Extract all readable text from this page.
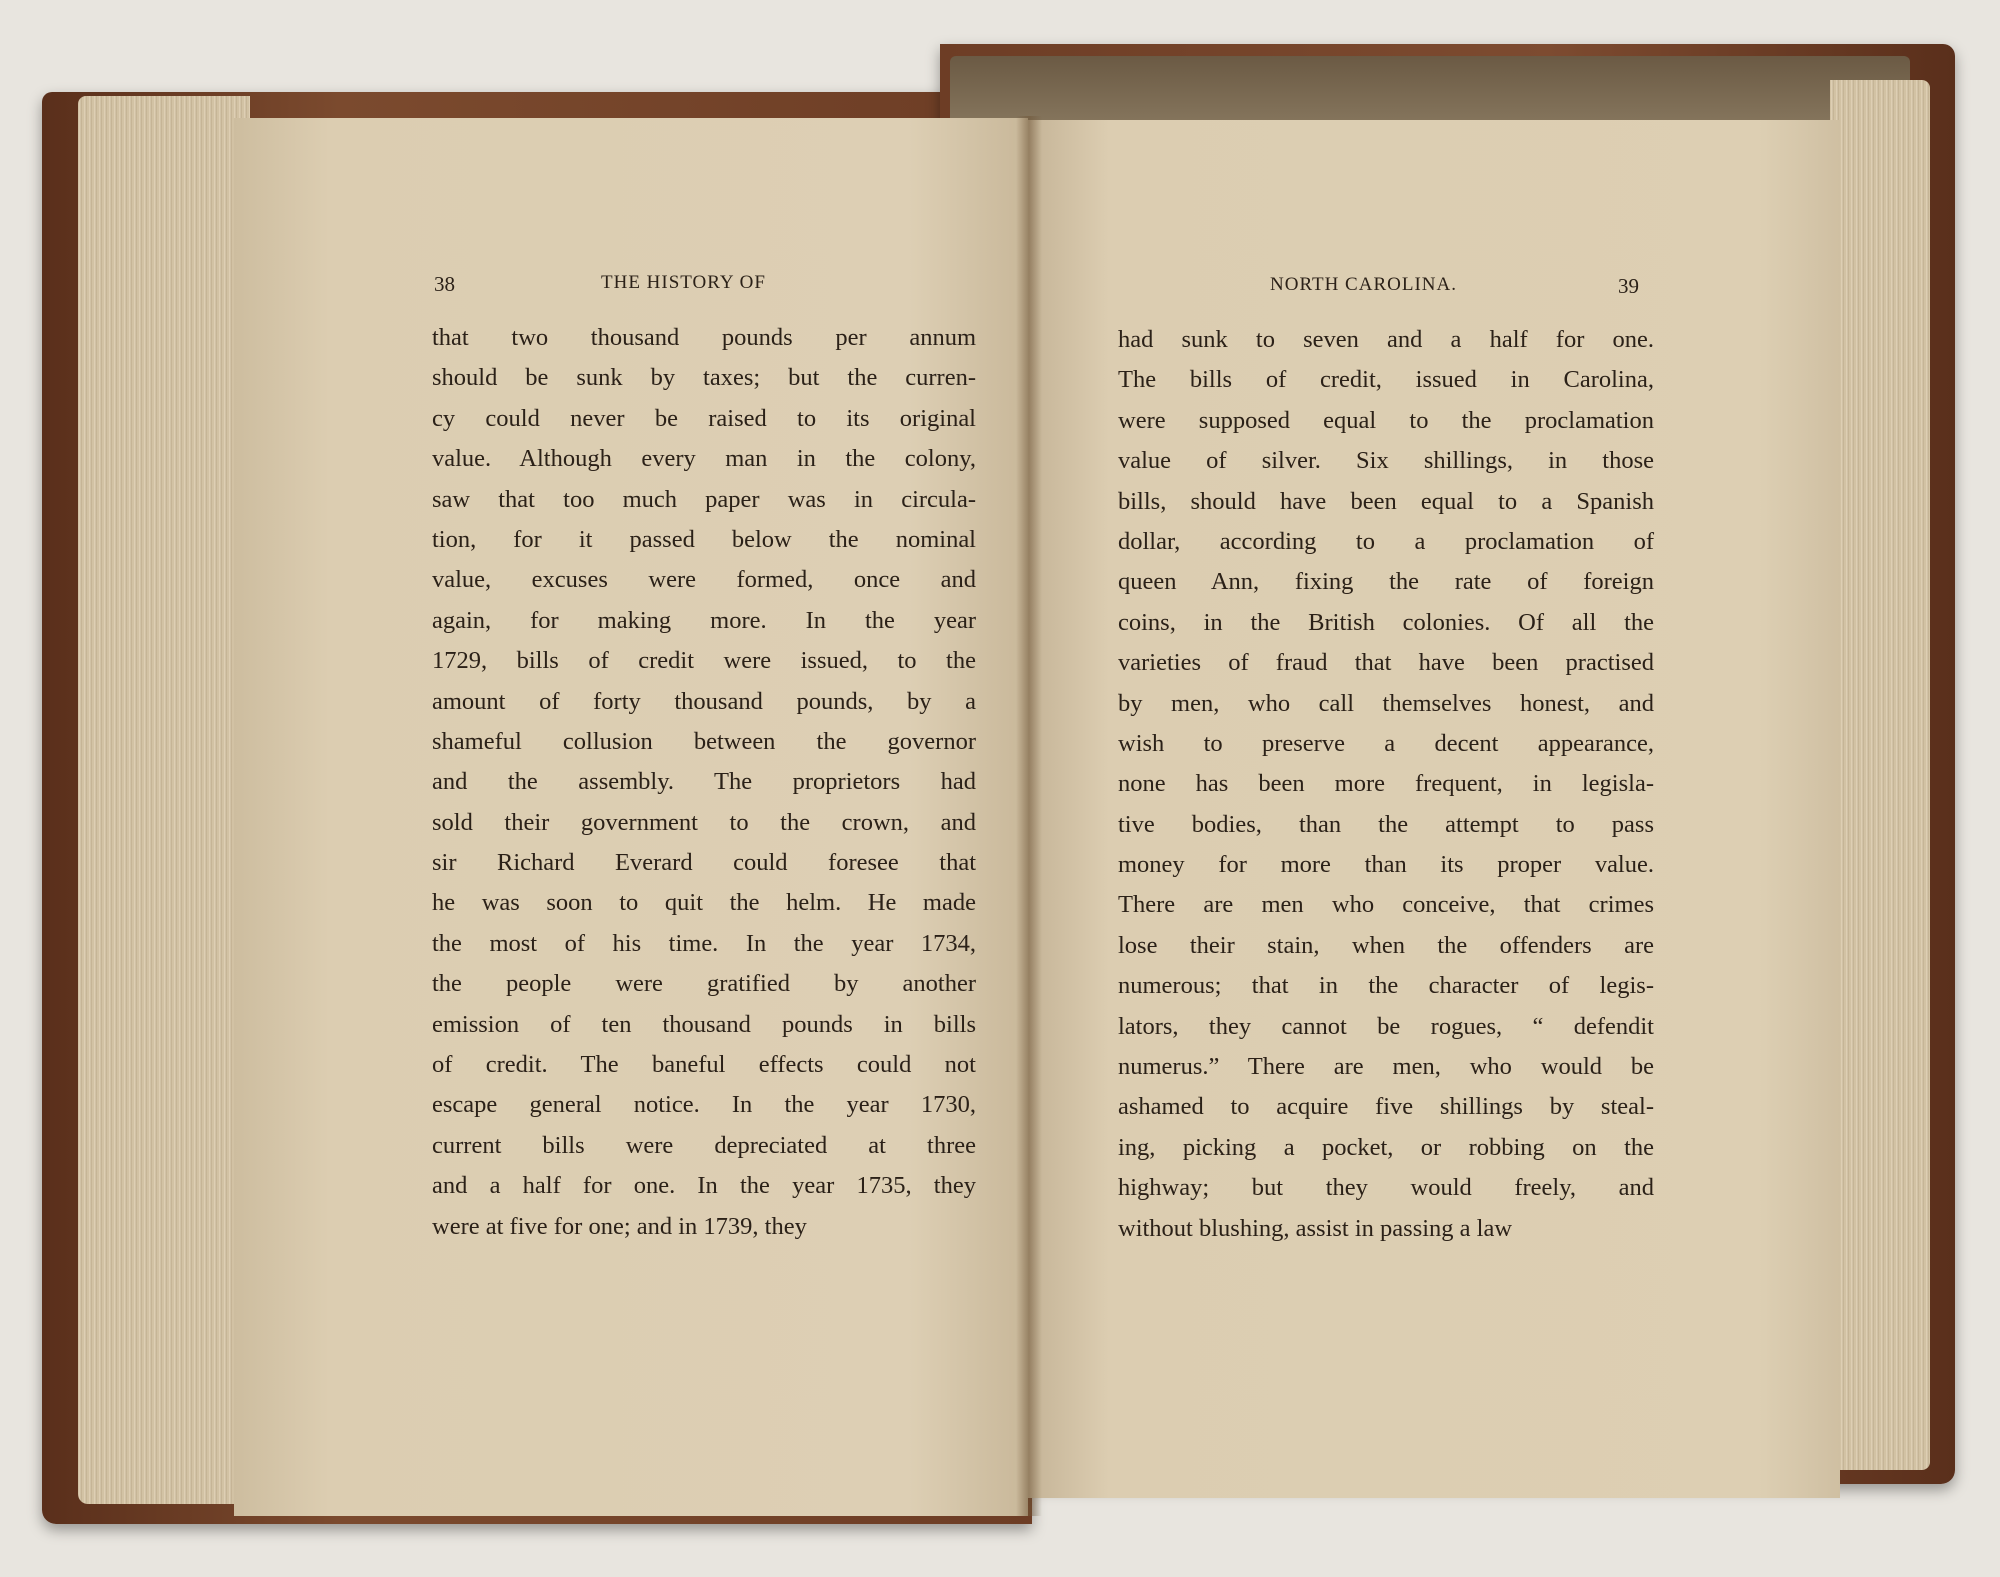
38	THE HISTORY OF
that two thousand pounds per annum
should be sunk by taxes; but the curren-
cy could never be raised to its original
value. Although every man in the colony,
saw that too much paper was in circula-
tion, for it passed below the nominal
value, excuses were formed, once and
again, for making more. In the year
1729, bills of credit were issued, to the
amount of forty thousand pounds, by a
shameful collusion between the governor
and the assembly. The proprietors had
sold their government to the crown, and
sir Richard Everard could foresee that
he was soon to quit the helm. He made
the most of his time. In the year 1734,
the people were gratified by another
emission of ten thousand pounds in bills
of credit. The baneful effects could not
escape general notice. In the year 1730,
current bills were depreciated at three
and a half for one. In the year 1735, they
were at five for one; and in 1739, they
NORTH CAROLINA.	39
had sunk to seven and a half for one.
The bills of credit, issued in Carolina,
were supposed equal to the proclamation
value of silver. Six shillings, in those
bills, should have been equal to a Spanish
dollar, according to a proclamation of
queen Ann, fixing the rate of foreign
coins, in the British colonies. Of all the
varieties of fraud that have been practised
by men, who call themselves honest, and
wish to preserve a decent appearance,
none has been more frequent, in legisla-
tive bodies, than the attempt to pass
money for more than its proper value.
There are men who conceive, that crimes
lose their stain, when the offenders are
numerous; that in the character of legis-
lators, they cannot be rogues, “ defendit
numerus.” There are men, who would be
ashamed to acquire five shillings by steal-
ing, picking a pocket, or robbing on the
highway; but they would freely, and
without blushing, assist in passing a law
